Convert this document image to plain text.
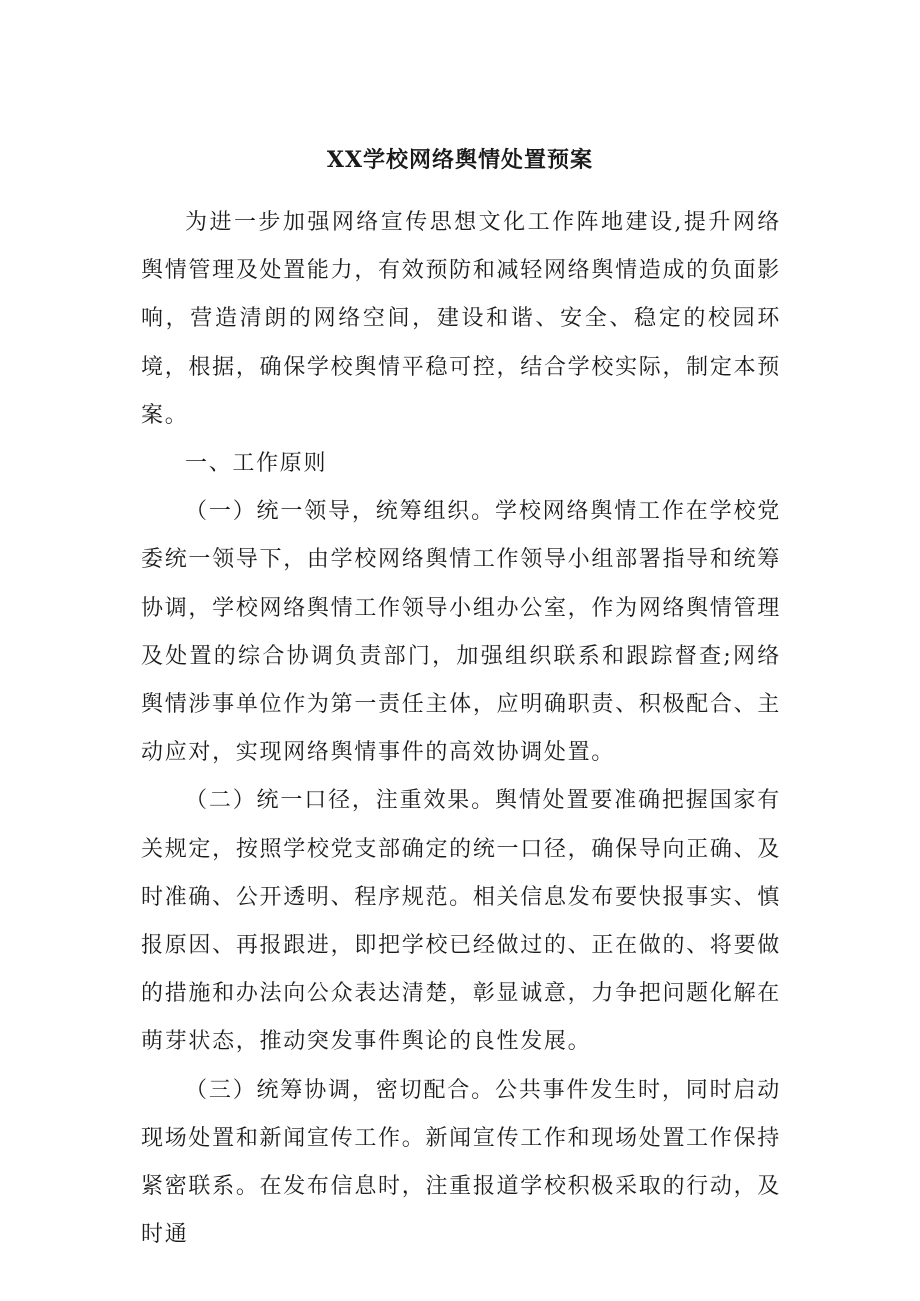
XX学校网络舆情处置预案

为进一步加强网络宣传思想文化工作阵地建设,提升网络舆情管理及处置能力，有效预防和减轻网络舆情造成的负面影响，营造清朗的网络空间，建设和谐、安全、稳定的校园环境，根据，确保学校舆情平稳可控，结合学校实际，制定本预案。

一、工作原则

（一）统一领导，统筹组织。学校网络舆情工作在学校党委统一领导下，由学校网络舆情工作领导小组部署指导和统筹协调，学校网络舆情工作领导小组办公室，作为网络舆情管理及处置的综合协调负责部门，加强组织联系和跟踪督查;网络舆情涉事单位作为第一责任主体，应明确职责、积极配合、主动应对，实现网络舆情事件的高效协调处置。

（二）统一口径，注重效果。舆情处置要准确把握国家有关规定，按照学校党支部确定的统一口径，确保导向正确、及时准确、公开透明、程序规范。相关信息发布要快报事实、慎报原因、再报跟进，即把学校已经做过的、正在做的、将要做的措施和办法向公众表达清楚，彰显诚意，力争把问题化解在萌芽状态，推动突发事件舆论的良性发展。

（三）统筹协调，密切配合。公共事件发生时，同时启动现场处置和新闻宣传工作。新闻宣传工作和现场处置工作保持紧密联系。在发布信息时，注重报道学校积极采取的行动，及时通
